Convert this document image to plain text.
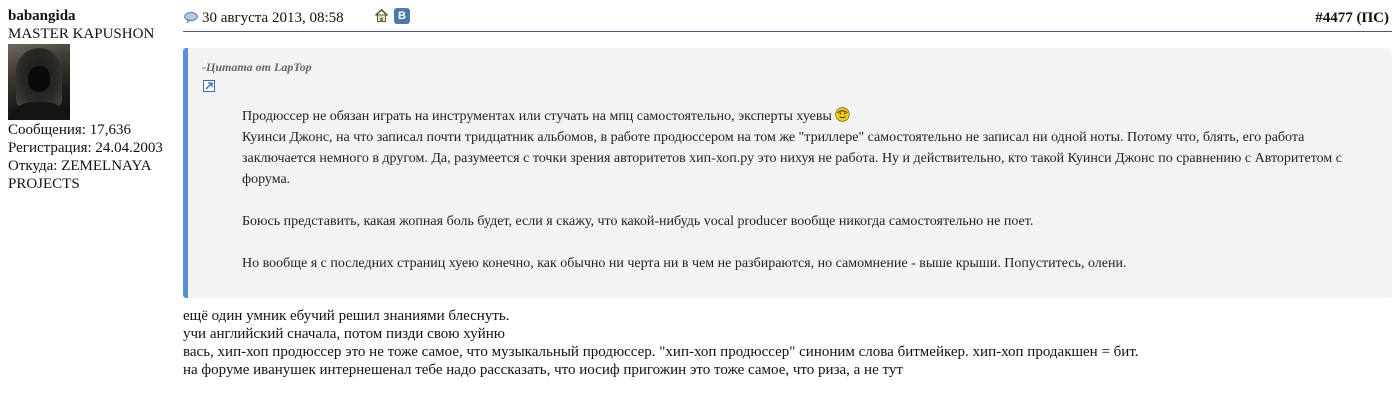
babangida
MASTER KAPUSHON
Сообщения: 17,636
Регистрация: 24.04.2003
Откуда: ZEMELNAYA PROJECTS
30 августа 2013, 08:58	В	#4477 (ПС)
-Цитата от LapTop

Продюссер не обязан играть на инструментах или стучать на мпц самостоятельно, эксперты хуевы

Куинси Джонс, на что записал почти тридцатник альбомов, в работе продюссером на том же "триллере" самостоятельно не записал ни одной ноты. Потому что, блять, его работа заключается немного в другом. Да, разумеется с точки зрения авторитетов хип-хоп.ру это нихуя не работа. Ну и действительно, кто такой Куинси Джонс по сравнению с Авторитетом с форума.

Боюсь представить, какая жопная боль будет, если я скажу, что какой-нибудь vocal producer вообще никогда самостоятельно не поет.

Но вообще я с последних страниц хуею конечно, как обычно ни черта ни в чем не разбираются, но самомнение - выше крыши. Попуститесь, олени.

ещё один умник ебучий решил знаниями блеснуть.

учи английский сначала, потом пизди свою хуйню

вась, хип-хоп продюссер это не тоже самое, что музыкальный продюссер. "хип-хоп продюссер" синоним слова битмейкер. хип-хоп продакшен = бит.

на форуме иванушек интернешенал тебе надо рассказать, что иосиф пригожин это тоже самое, что риза, а не тут
